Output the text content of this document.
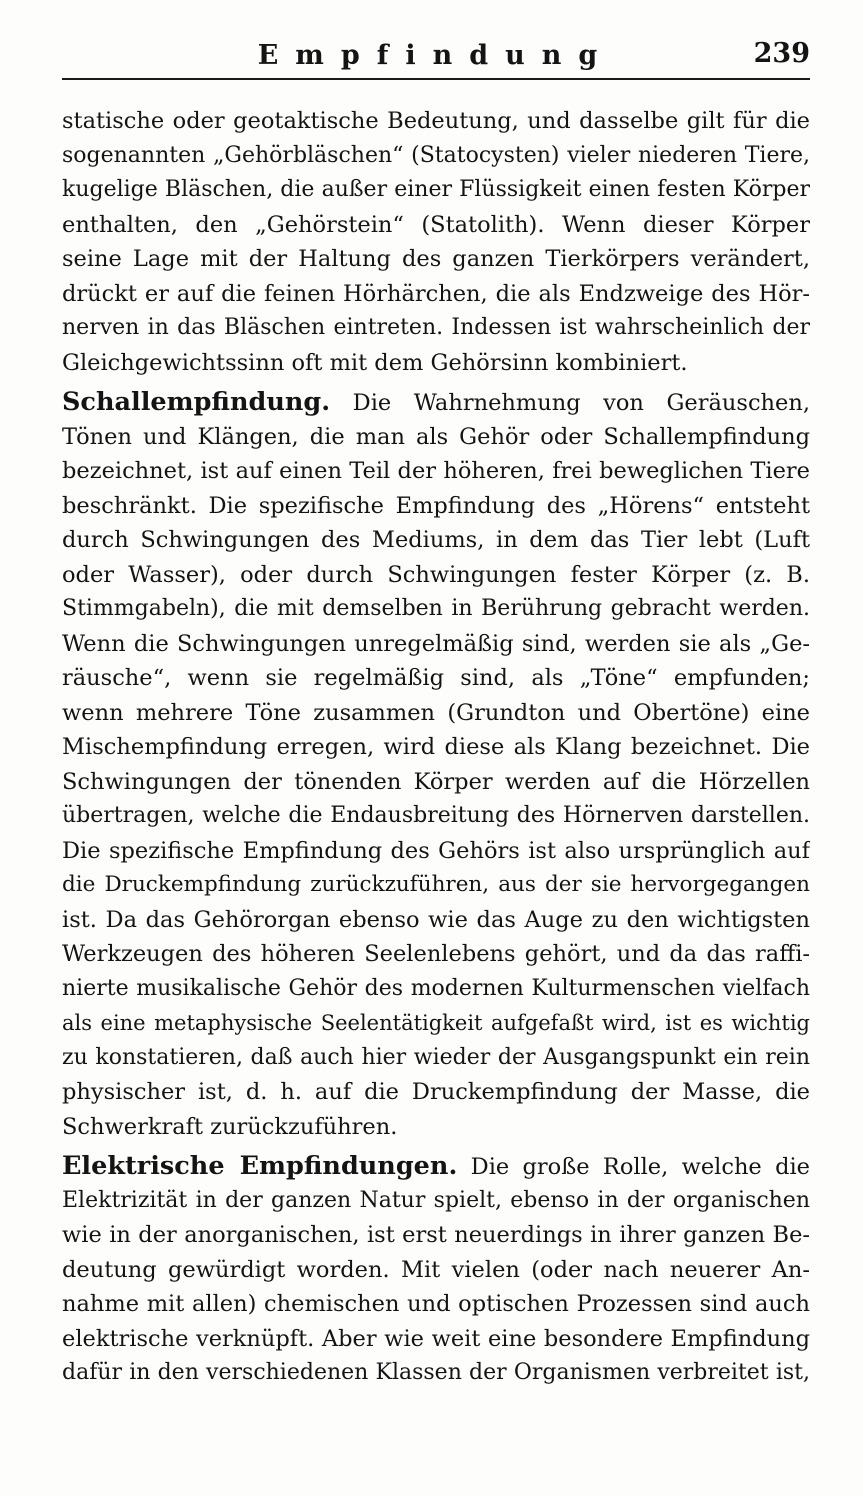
Empfindung	239
statische oder geotaktische Bedeutung, und dasselbe gilt für die
sogenannten „Gehörbläschen“ (Statocysten) vieler niederen Tiere,
kugelige Bläschen, die außer einer Flüssigkeit einen festen Körper
enthalten, den „Gehörstein“ (Statolith). Wenn dieser Körper
seine Lage mit der Haltung des ganzen Tierkörpers verändert,
drückt er auf die feinen Hörhärchen, die als Endzweige des Hör-
nerven in das Bläschen eintreten. Indessen ist wahrscheinlich der
Gleichgewichtssinn oft mit dem Gehörsinn kombiniert.
Schallempfindung. Die Wahrnehmung von Geräuschen,
Tönen und Klängen, die man als Gehör oder Schallempfindung
bezeichnet, ist auf einen Teil der höheren, frei beweglichen Tiere
beschränkt. Die spezifische Empfindung des „Hörens“ entsteht
durch Schwingungen des Mediums, in dem das Tier lebt (Luft
oder Wasser), oder durch Schwingungen fester Körper (z. B.
Stimmgabeln), die mit demselben in Berührung gebracht werden.
Wenn die Schwingungen unregelmäßig sind, werden sie als „Ge-
räusche“, wenn sie regelmäßig sind, als „Töne“ empfunden;
wenn mehrere Töne zusammen (Grundton und Obertöne) eine
Mischempfindung erregen, wird diese als Klang bezeichnet. Die
Schwingungen der tönenden Körper werden auf die Hörzellen
übertragen, welche die Endausbreitung des Hörnerven darstellen.
Die spezifische Empfindung des Gehörs ist also ursprünglich auf
die Druckempfindung zurückzuführen, aus der sie hervorgegangen
ist. Da das Gehörorgan ebenso wie das Auge zu den wichtigsten
Werkzeugen des höheren Seelenlebens gehört, und da das raffi-
nierte musikalische Gehör des modernen Kulturmenschen vielfach
als eine metaphysische Seelentätigkeit aufgefaßt wird, ist es wichtig
zu konstatieren, daß auch hier wieder der Ausgangspunkt ein rein
physischer ist, d. h. auf die Druckempfindung der Masse, die
Schwerkraft zurückzuführen.
Elektrische Empfindungen. Die große Rolle, welche die
Elektrizität in der ganzen Natur spielt, ebenso in der organischen
wie in der anorganischen, ist erst neuerdings in ihrer ganzen Be-
deutung gewürdigt worden. Mit vielen (oder nach neuerer An-
nahme mit allen) chemischen und optischen Prozessen sind auch
elektrische verknüpft. Aber wie weit eine besondere Empfindung
dafür in den verschiedenen Klassen der Organismen verbreitet ist,
